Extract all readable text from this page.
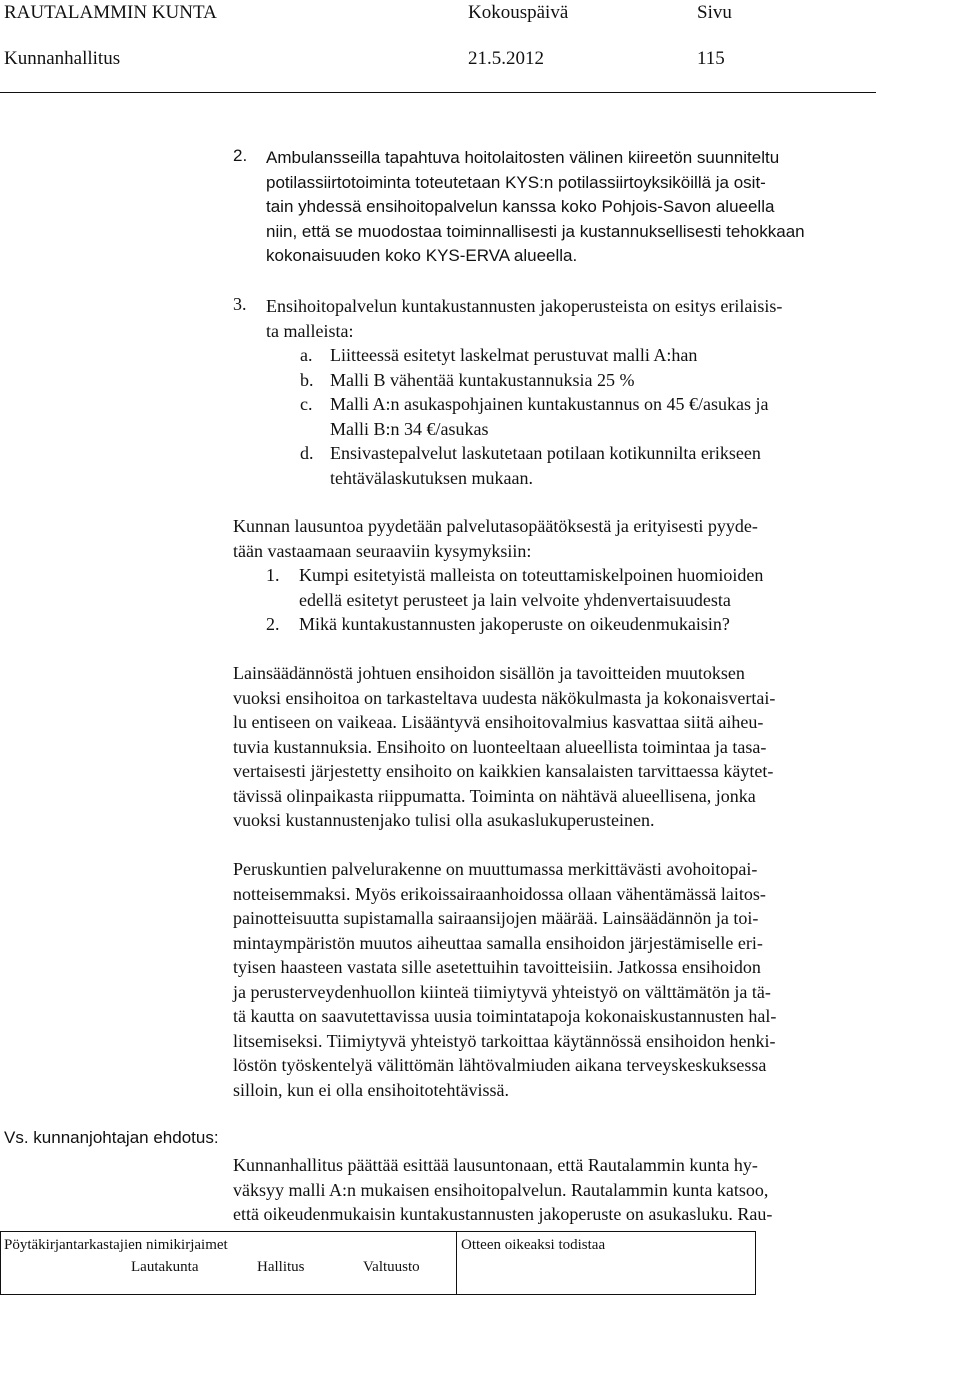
RAUTALAMMIN KUNTA	Kokouspäivä	Sivu
Kunnanhallitus	21.5.2012	115
2. Ambulansseilla tapahtuva hoitolaitosten välinen kiireetön suunniteltu
potilassiirtotoiminta toteutetaan KYS:n potilassiirtoyksiköillä ja osit-
tain yhdessä ensihoitopalvelun kanssa koko Pohjois-Savon alueella
niin, että se muodostaa toiminnallisesti ja kustannuksellisesti tehokkaan
kokonaisuuden koko KYS-ERVA alueella.
3. Ensihoitopalvelun kuntakustannusten jakoperusteista on esitys erilaisis-
ta malleista:
a. Liitteessä esitetyt laskelmat perustuvat malli A:han
b. Malli B vähentää kuntakustannuksia 25 %
c. Malli A:n asukaspohjainen kuntakustannus on 45 €/asukas ja
Malli B:n 34 €/asukas
d. Ensivastepalvelut laskutetaan potilaan kotikunnilta erikseen
tehtävälaskutuksen mukaan.
Kunnan lausuntoa pyydetään palvelutasopäätöksestä ja erityisesti pyyde-
tään vastaamaan seuraaviin kysymyksiin:
1. Kumpi esitetyistä malleista on toteuttamiskelpoinen huomioiden
edellä esitetyt perusteet ja lain velvoite yhdenvertaisuudesta
2. Mikä kuntakustannusten jakoperuste on oikeudenmukaisin?
Lainsäädännöstä johtuen ensihoidon sisällön ja tavoitteiden muutoksen
vuoksi ensihoitoa on tarkasteltava uudesta näkökulmasta ja kokonaisvertai-
lu entiseen on vaikeaa. Lisääntyvä ensihoitovalmius kasvattaa siitä aiheu-
tuvia kustannuksia. Ensihoito on luonteeltaan alueellista toimintaa ja tasa-
vertaisesti järjestetty ensihoito on kaikkien kansalaisten tarvittaessa käytet-
tävissä olinpaikasta riippumatta. Toiminta on nähtävä alueellisena, jonka
vuoksi kustannustenjako tulisi olla asukaslukuperusteinen.
Peruskuntien palvelurakenne on muuttumassa merkittävästi avohoitopai-
notteisemmaksi. Myös erikoissairaanhoidossa ollaan vähentämässä laitos-
painotteisuutta supistamalla sairaansijojen määrää. Lainsäädännön ja toi-
mintaympäristön muutos aiheuttaa samalla ensihoidon järjestämiselle eri-
tyisen haasteen vastata sille asetettuihin tavoitteisiin. Jatkossa ensihoidon
ja perusterveydenhuollon kiinteä tiimiytyvä yhteistyö on välttämätön ja tä-
tä kautta on saavutettavissa uusia toimintatapoja kokonaiskustannusten hal-
litsemiseksi. Tiimiytyvä yhteistyö tarkoittaa käytännössä ensihoidon henki-
löstön työskentelyä välittömän lähtövalmiuden aikana terveyskeskuksessa
silloin, kun ei olla ensihoitotehtävissä.
Vs. kunnanjohtajan ehdotus:
Kunnanhallitus päättää esittää lausuntonaan, että Rautalammin kunta hy-
väksyy malli A:n mukaisen ensihoitopalvelun. Rautalammin kunta katsoo,
että oikeudenmukaisin kuntakustannusten jakoperuste on asukasluku. Rau-
Pöytäkirjantarkastajien nimikirjaimet
Lautakunta	Hallitus	Valtuusto
Otteen oikeaksi todistaa
